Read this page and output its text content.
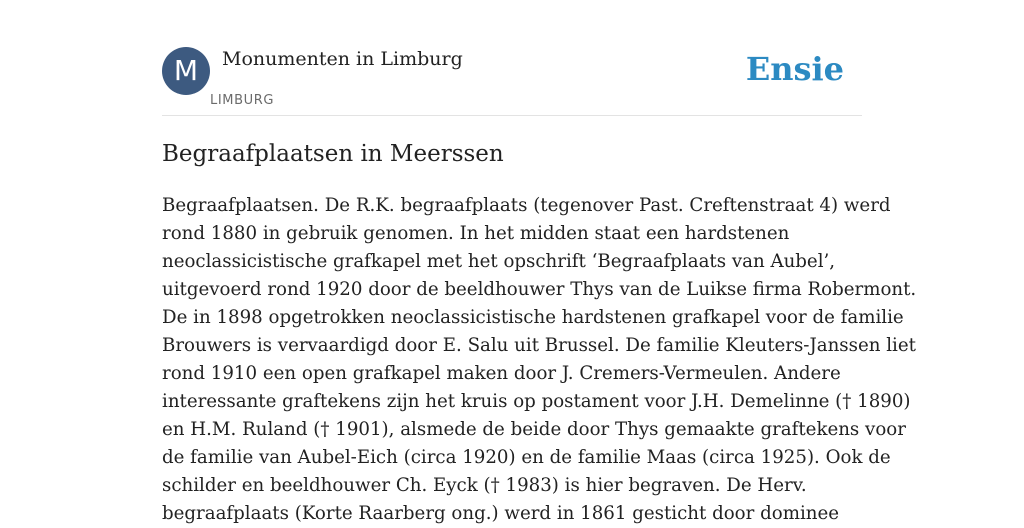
M	Monumenten in Limburg
LIMBURG
Ensie
Begraafplaatsen in Meerssen
Begraafplaatsen. De R.K. begraafplaats (tegenover Past. Creftenstraat 4) werd
rond 1880 in gebruik genomen. In het midden staat een hardstenen
neoclassicistische grafkapel met het opschrift ‘Begraafplaats van Aubel’,
uitgevoerd rond 1920 door de beeldhouwer Thys van de Luikse firma Robermont.
De in 1898 opgetrokken neoclassicistische hardstenen grafkapel voor de familie
Brouwers is vervaardigd door E. Salu uit Brussel. De familie Kleuters-Janssen liet
rond 1910 een open grafkapel maken door J. Cremers-Vermeulen. Andere
interessante graftekens zijn het kruis op postament voor J.H. Demelinne († 1890)
en H.M. Ruland († 1901), alsmede de beide door Thys gemaakte graftekens voor
de familie van Aubel-Eich (circa 1920) en de familie Maas (circa 1925). Ook de
schilder en beeldhouwer Ch. Eyck († 1983) is hier begraven. De Herv.
begraafplaats (Korte Raarberg ong.) werd in 1861 gesticht door dominee
